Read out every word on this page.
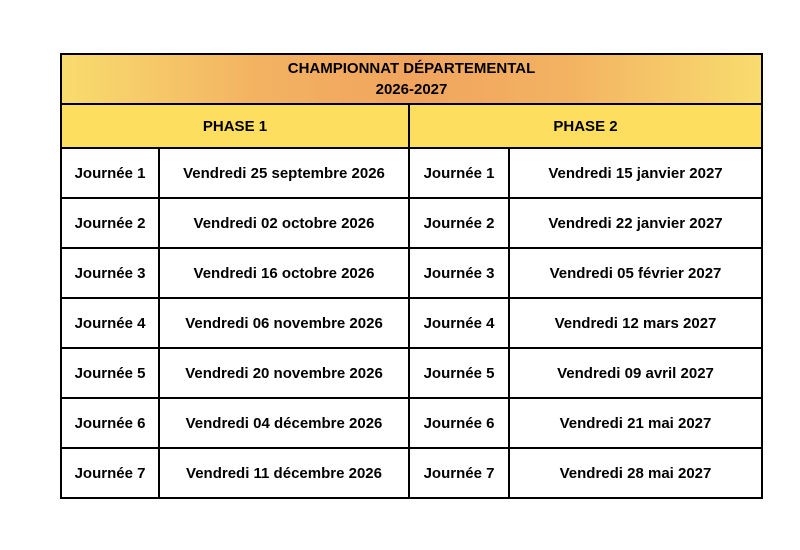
CHAMPIONNAT DÉPARTEMENTAL
2026-2027			

PHASE 1		PHASE 2	
Journée 1	Vendredi 25 septembre 2026	Journée 1	Vendredi 15 janvier 2027
Journée 2	Vendredi 02 octobre 2026	Journée 2	Vendredi 22 janvier 2027
Journée 3	Vendredi 16 octobre 2026	Journée 3	Vendredi 05 février 2027
Journée 4	Vendredi 06 novembre 2026	Journée 4	Vendredi 12 mars 2027
Journée 5	Vendredi 20 novembre 2026	Journée 5	Vendredi 09 avril 2027
Journée 6	Vendredi 04 décembre 2026	Journée 6	Vendredi 21 mai 2027
Journée 7	Vendredi 11 décembre 2026	Journée 7	Vendredi 28 mai 2027
